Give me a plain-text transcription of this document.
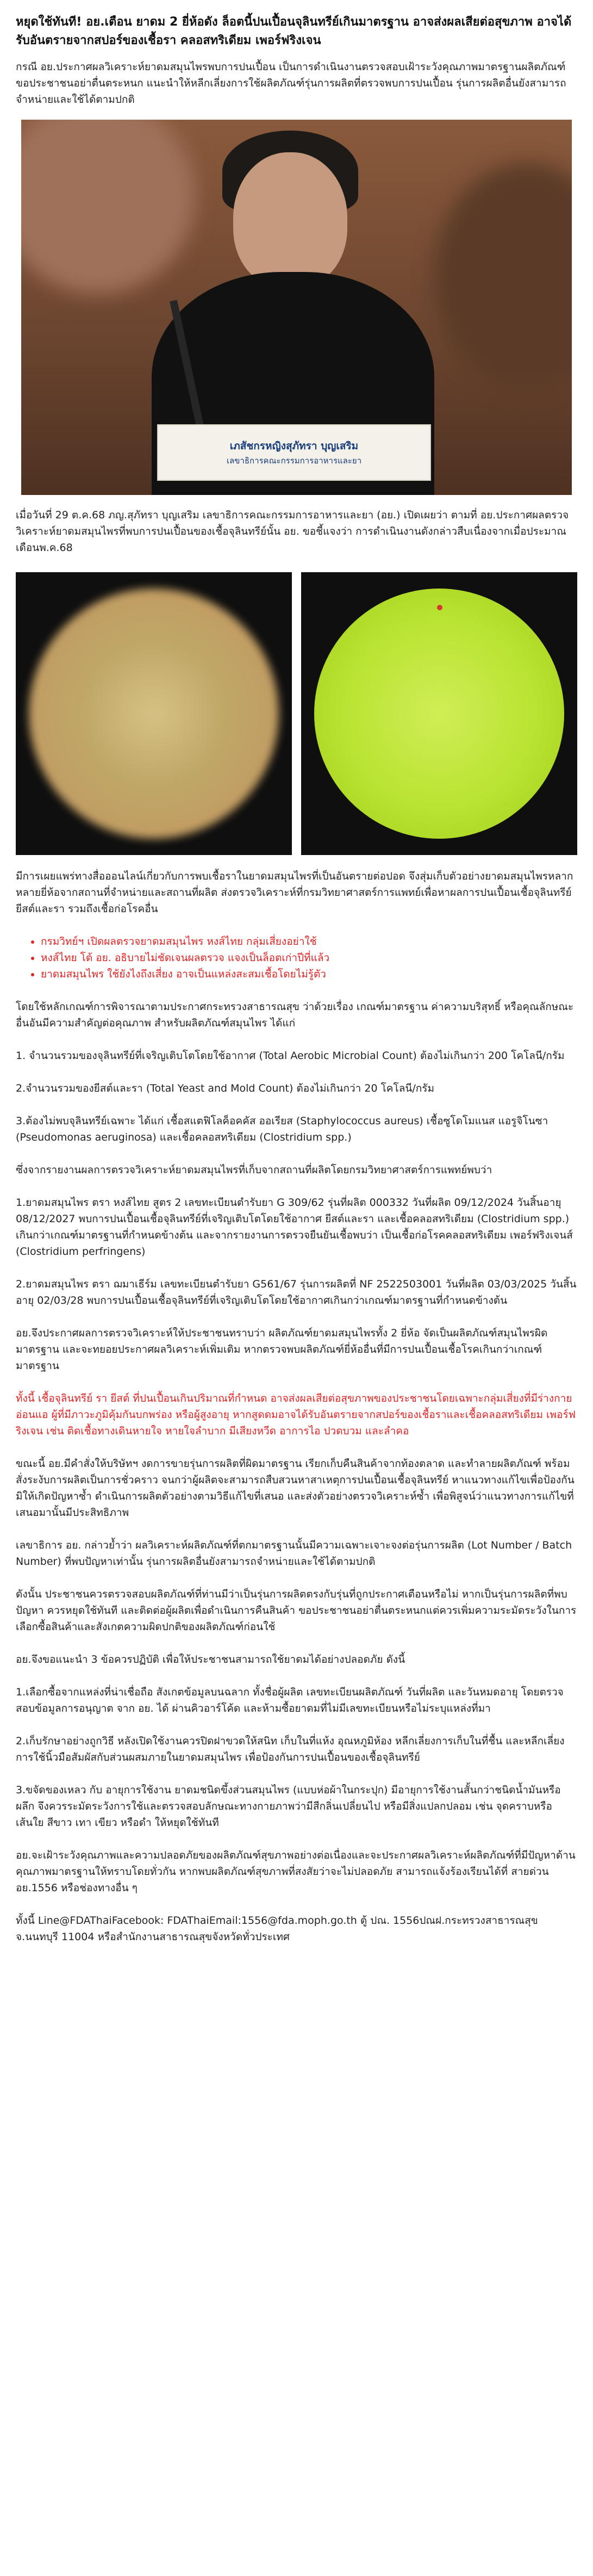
หยุดใช้ทันที! อย.เตือน ยาดม 2 ยี่ห้อดัง ล็อตนี้ปนเปื้อนจุลินทรีย์เกินมาตรฐาน อาจส่งผลเสียต่อสุขภาพ อาจได้รับอันตรายจากสปอร์ของเชื้อรา คลอสทริเดียม เพอร์ฟริงเจน

กรณี อย.ประกาศผลวิเคราะห์ยาดมสมุนไพรพบการปนเปื้อน เป็นการดำเนินงานตรวจสอบเฝ้าระวังคุณภาพมาตรฐานผลิตภัณฑ์ ขอประชาชนอย่าตื่นตระหนก แนะนำให้หลีกเลี่ยงการใช้ผลิตภัณฑ์รุ่นการผลิตที่ตรวจพบการปนเปื้อน รุ่นการผลิตอื่นยังสามารถจำหน่ายและใช้ได้ตามปกติ

เภสัชกรหญิงสุภัทรา บุญเสริม
เลขาธิการคณะกรรมการอาหารและยา

เมื่อวันที่ 29 ต.ค.68 ภญ.สุภัทรา บุญเสริม เลขาธิการคณะกรรมการอาหารและยา (อย.) เปิดเผยว่า ตามที่ อย.ประกาศผลตรวจวิเคราะห์ยาดมสมุนไพรที่พบการปนเปื้อนของเชื้อจุลินทรีย์นั้น อย. ขอชี้แจงว่า การดำเนินงานดังกล่าวสืบเนื่องจากเมื่อประมาณ เดือนพ.ค.68

มีการเผยแพร่ทางสื่อออนไลน์เกี่ยวกับการพบเชื้อราในยาดมสมุนไพรที่เป็นอันตรายต่อปอด จึงสุ่มเก็บตัวอย่างยาดมสมุนไพรหลากหลายยี่ห้อจากสถานที่จำหน่ายและสถานที่ผลิต ส่งตรวจวิเคราะห์ที่กรมวิทยาศาสตร์การแพทย์เพื่อหาผลการปนเปื้อนเชื้อจุลินทรีย์ ยีสต์และรา รวมถึงเชื้อก่อโรคอื่น

• กรมวิทย์ฯ เปิดผลตรวจยาดมสมุนไพร หงส์ไทย กลุ่มเสี่ยงอย่าใช้
• หงส์ไทย โต้ อย. อธิบายไม่ชัดเจนผลตรวจ แจงเป็นล็อตเก่าปีที่แล้ว
• ยาดมสมุนไพร ใช้ยังไงถึงเสี่ยง อาจเป็นแหล่งสะสมเชื้อโดยไม่รู้ตัว

โดยใช้หลักเกณฑ์การพิจารณาตามประกาศกระทรวงสาธารณสุข ว่าด้วยเรื่อง เกณฑ์มาตรฐาน ค่าความบริสุทธิ์ หรือคุณลักษณะอื่นอันมีความสำคัญต่อคุณภาพ สำหรับผลิตภัณฑ์สมุนไพร ได้แก่

1. จำนวนรวมของจุลินทรีย์ที่เจริญเติบโตโดยใช้อากาศ (Total Aerobic Microbial Count) ต้องไม่เกินกว่า 200 โคโลนี/กรัม

2.จำนวนรวมของยีสต์และรา (Total Yeast and Mold Count) ต้องไม่เกินกว่า 20 โคโลนี/กรัม

3.ต้องไม่พบจุลินทรีย์เฉพาะ ได้แก่ เชื้อสแตฟิโลค็อคคัส ออเรียส (Staphylococcus aureus) เชื้อซูโดโมแนส แอรูจิโนซา (Pseudomonas aeruginosa) และเชื้อคลอสทริเดียม (Clostridium spp.)

ซึ่งจากรายงานผลการตรวจวิเคราะห์ยาดมสมุนไพรที่เก็บจากสถานที่ผลิตโดยกรมวิทยาศาสตร์การแพทย์พบว่า

1.ยาดมสมุนไพร ตรา หงส์ไทย สูตร 2 เลขทะเบียนตำรับยา G 309/62 รุ่นที่ผลิต 000332 วันที่ผลิต 09/12/2024 วันสิ้นอายุ 08/12/2027 พบการปนเปื้อนเชื้อจุลินทรีย์ที่เจริญเติบโตโดยใช้อากาศ ยีสต์และรา และเชื้อคลอสทริเดียม (Clostridium spp.) เกินกว่าเกณฑ์มาตรฐานที่กำหนดข้างต้น และจากรายงานการตรวจยืนยันเชื้อพบว่า เป็นเชื้อก่อโรคคลอสทริเดียม เพอร์ฟริงเจนส์ (Clostridium perfringens)

2.ยาดมสมุนไพร ตรา ฌมาเธีร์ม เลขทะเบียนตำรับยา G561/67 รุ่นการผลิตที่ NF 2522503001 วันที่ผลิต 03/03/2025 วันสิ้นอายุ 02/03/28 พบการปนเปื้อนเชื้อจุลินทรีย์ที่เจริญเติบโตโดยใช้อากาศเกินกว่าเกณฑ์มาตรฐานที่กำหนดข้างต้น

อย.จึงประกาศผลการตรวจวิเคราะห์ให้ประชาชนทราบว่า ผลิตภัณฑ์ยาดมสมุนไพรทั้ง 2 ยี่ห้อ จัดเป็นผลิตภัณฑ์สมุนไพรผิดมาตรฐาน และจะทยอยประกาศผลวิเคราะห์เพิ่มเติม หากตรวจพบผลิตภัณฑ์ยี่ห้ออื่นที่มีการปนเปื้อนเชื้อโรคเกินกว่าเกณฑ์มาตรฐาน

ทั้งนี้ เชื้อจุลินทรีย์ รา ยีสต์ ที่ปนเปื้อนเกินปริมาณที่กำหนด อาจส่งผลเสียต่อสุขภาพของประชาชนโดยเฉพาะกลุ่มเสี่ยงที่มีร่างกายอ่อนแอ ผู้ที่มีภาวะภูมิคุ้มกันบกพร่อง หรือผู้สูงอายุ หากสูดดมอาจได้รับอันตรายจากสปอร์ของเชื้อราและเชื้อคลอสทริเดียม เพอร์ฟริงเจน เช่น ติดเชื้อทางเดินหายใจ หายใจลำบาก มีเสียงหวีด อาการไอ ปวดบวม และลำคอ

ขณะนี้ อย.มีคำสั่งให้บริษัทฯ งดการขายรุ่นการผลิตที่ผิดมาตรฐาน เรียกเก็บคืนสินค้าจากท้องตลาด และทำลายผลิตภัณฑ์ พร้อมสั่งระงับการผลิตเป็นการชั่วคราว จนกว่าผู้ผลิตจะสามารถสืบสวนหาสาเหตุการปนเปื้อนเชื้อจุลินทรีย์ หาแนวทางแก้ไขเพื่อป้องกันมิให้เกิดปัญหาซ้ำ ดำเนินการผลิตตัวอย่างตามวิธีแก้ไขที่เสนอ และส่งตัวอย่างตรวจวิเคราะห์ซ้ำ เพื่อพิสูจน์ว่าแนวทางการแก้ไขที่เสนอมานั้นมีประสิทธิภาพ

เลขาธิการ อย. กล่าวย้ำว่า ผลวิเคราะห์ผลิตภัณฑ์ที่ตกมาตรฐานนั้นมีความเฉพาะเจาะจงต่อรุ่นการผลิต (Lot Number / Batch Number) ที่พบปัญหาเท่านั้น รุ่นการผลิตอื่นยังสามารถจำหน่ายและใช้ได้ตามปกติ

ดังนั้น ประชาชนควรตรวจสอบผลิตภัณฑ์ที่ท่านมีว่าเป็นรุ่นการผลิตตรงกับรุ่นที่ถูกประกาศเตือนหรือไม่ หากเป็นรุ่นการผลิตที่พบปัญหา ควรหยุดใช้ทันที และติดต่อผู้ผลิตเพื่อดำเนินการคืนสินค้า ขอประชาชนอย่าตื่นตระหนกแต่ควรเพิ่มความระมัดระวังในการเลือกซื้อสินค้าและสังเกตความผิดปกติของผลิตภัณฑ์ก่อนใช้

อย.จึงขอแนะนำ 3 ข้อควรปฏิบัติ เพื่อให้ประชาชนสามารถใช้ยาดมได้อย่างปลอดภัย ดังนี้

1.เลือกซื้อจากแหล่งที่น่าเชื่อถือ สังเกตข้อมูลบนฉลาก ทั้งชื่อผู้ผลิต เลขทะเบียนผลิตภัณฑ์ วันที่ผลิต และวันหมดอายุ โดยตรวจสอบข้อมูลการอนุญาต จาก อย. ได้ ผ่านคิวอาร์โค้ด และห้ามซื้อยาดมที่ไม่มีเลขทะเบียนหรือไม่ระบุแหล่งที่มา

2.เก็บรักษาอย่างถูกวิธี หลังเปิดใช้งานควรปิดฝาขวดให้สนิท เก็บในที่แห้ง อุณหภูมิห้อง หลีกเลี่ยงการเก็บในที่ชื้น และหลีกเลี่ยงการใช้นิ้วมือสัมผัสกับส่วนผสมภายในยาดมสมุนไพร เพื่อป้องกันการปนเปื้อนของเชื้อจุลินทรีย์

3.ขจัดของเหลว กับ อายุการใช้งาน ยาดมชนิดขึ้งส่วนสมุนไพร (แบบห่อผ้าในกระปุก) มีอายุการใช้งานสั้นกว่าชนิดน้ำมันหรือผลึก จึงควรระมัดระวังการใช้และตรวจสอบลักษณะทางกายภาพว่ามีสีกลิ่นเปลี่ยนไป หรือมีสิ่งแปลกปลอม เช่น จุดคราบหรือเส้นใย สีขาว เทา เขียว หรือดำ ให้หยุดใช้ทันที

อย.จะเฝ้าระวังคุณภาพและความปลอดภัยของผลิตภัณฑ์สุขภาพอย่างต่อเนื่องและจะประกาศผลวิเคราะห์ผลิตภัณฑ์ที่มีปัญหาด้านคุณภาพมาตรฐานให้ทราบโดยทั่วกัน หากพบผลิตภัณฑ์สุขภาพที่สงสัยว่าจะไม่ปลอดภัย สามารถแจ้งร้องเรียนได้ที่ สายด่วน อย.1556 หรือช่องทางอื่น ๆ

ทั้งนี้ Line@FDAThaiFacebook: FDAThaiEmail:1556@fda.moph.go.th ตู้ ปณ. 1556ปณฝ.กระทรวงสาธารณสุข จ.นนทบุรี 11004 หรือสำนักงานสาธารณสุขจังหวัดทั่วประเทศ
